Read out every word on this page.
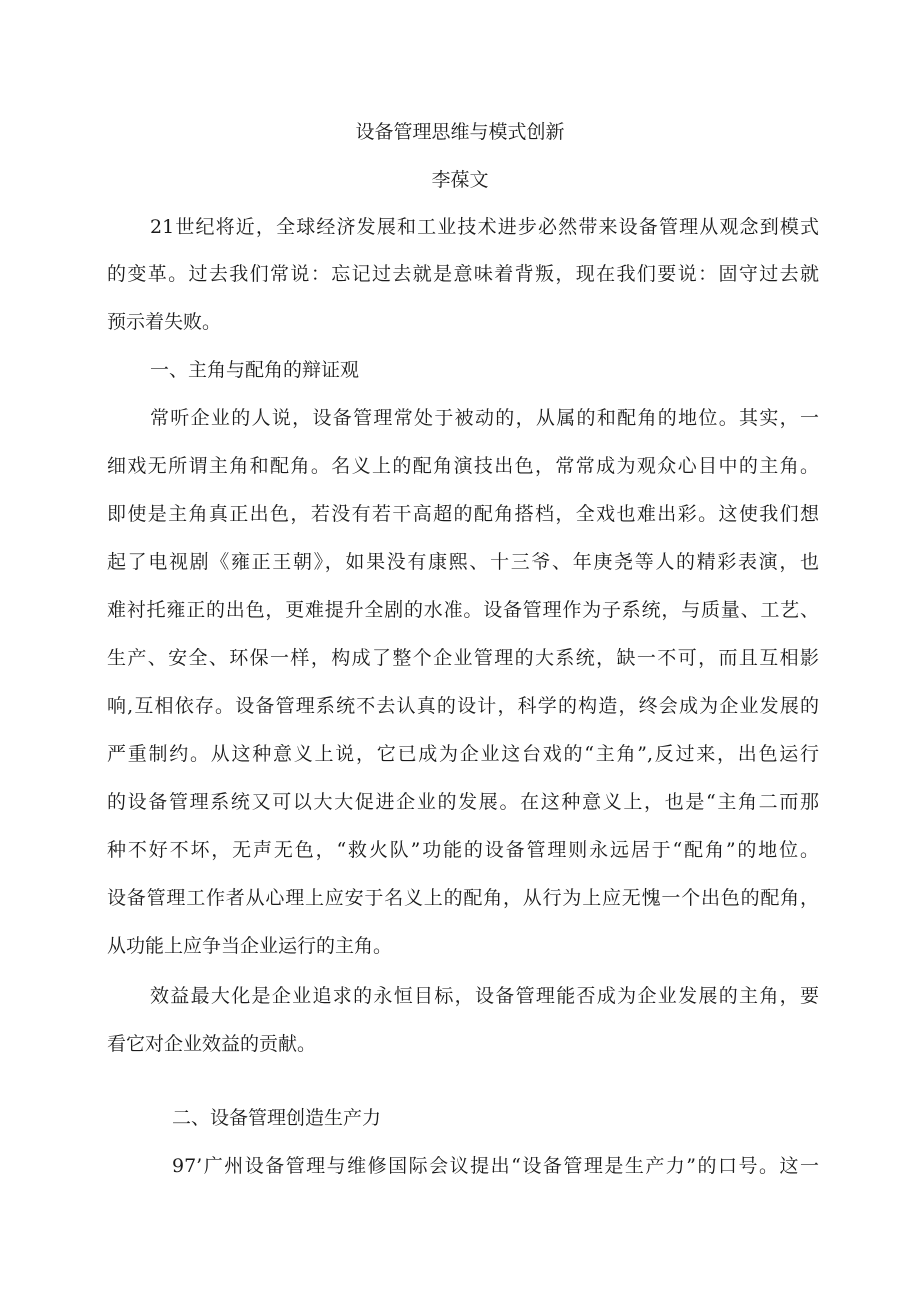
设备管理思维与模式创新
李葆文
21世纪将近，全球经济发展和工业技术进步必然带来设备管理从观念到模式
的变革。过去我们常说：忘记过去就是意味着背叛，现在我们要说：固守过去就
预示着失败。
一、主角与配角的辩证观
常听企业的人说，设备管理常处于被动的，从属的和配角的地位。其实，一
细戏无所谓主角和配角。名义上的配角演技出色，常常成为观众心目中的主角。
即使是主角真正出色，若没有若干高超的配角搭档，全戏也难出彩。这使我们想
起了电视剧《雍正王朝》，如果没有康熙、十三爷、年庚尧等人的精彩表演，也
难衬托雍正的出色，更难提升全剧的水准。设备管理作为子系统，与质量、工艺、
生产、安全、环保一样，构成了整个企业管理的大系统，缺一不可，而且互相影
响,互相依存。设备管理系统不去认真的设计，科学的构造，终会成为企业发展的
严重制约。从这种意义上说，它已成为企业这台戏的“主角”,反过来，出色运行
的设备管理系统又可以大大促进企业的发展。在这种意义上，也是“主角二而那
种不好不坏，无声无色，“救火队”功能的设备管理则永远居于“配角”的地位。
设备管理工作者从心理上应安于名义上的配角，从行为上应无愧一个出色的配角，
从功能上应争当企业运行的主角。
效益最大化是企业追求的永恒目标，设备管理能否成为企业发展的主角，要
看它对企业效益的贡献。
二、设备管理创造生产力
97’广州设备管理与维修国际会议提出“设备管理是生产力”的口号。这一
